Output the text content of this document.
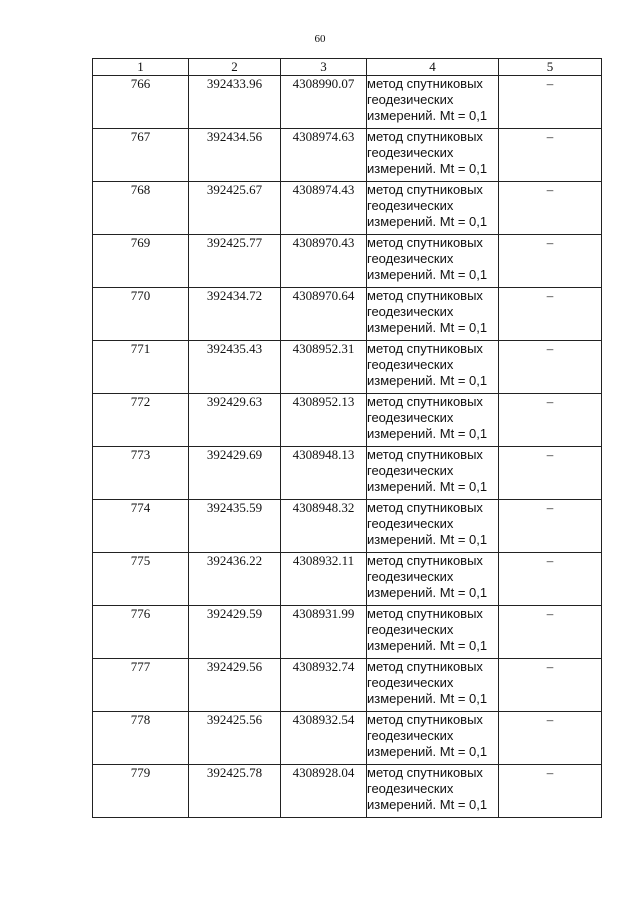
60
1	2	3	4	5
766	392433.96	4308990.07	метод спутниковых
геодезических
измерений. Mt = 0,1	–
767	392434.56	4308974.63	метод спутниковых
геодезических
измерений. Mt = 0,1	–
768	392425.67	4308974.43	метод спутниковых
геодезических
измерений. Mt = 0,1	–
769	392425.77	4308970.43	метод спутниковых
геодезических
измерений. Mt = 0,1	–
770	392434.72	4308970.64	метод спутниковых
геодезических
измерений. Mt = 0,1	–
771	392435.43	4308952.31	метод спутниковых
геодезических
измерений. Mt = 0,1	–
772	392429.63	4308952.13	метод спутниковых
геодезических
измерений. Mt = 0,1	–
773	392429.69	4308948.13	метод спутниковых
геодезических
измерений. Mt = 0,1	–
774	392435.59	4308948.32	метод спутниковых
геодезических
измерений. Mt = 0,1	–
775	392436.22	4308932.11	метод спутниковых
геодезических
измерений. Mt = 0,1	–
776	392429.59	4308931.99	метод спутниковых
геодезических
измерений. Mt = 0,1	–
777	392429.56	4308932.74	метод спутниковых
геодезических
измерений. Mt = 0,1	–
778	392425.56	4308932.54	метод спутниковых
геодезических
измерений. Mt = 0,1	–
779	392425.78	4308928.04	метод спутниковых
геодезических
измерений. Mt = 0,1	–
